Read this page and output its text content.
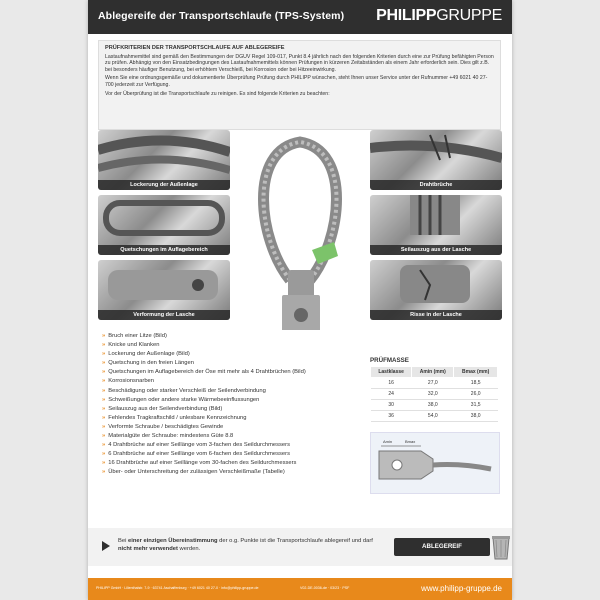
Ablegereife der Transportschlaufe (TPS-System) PHILIPPGRUPPE
PRÜFKRITERIEN DER TRANSPORTSCHLAUFE AUF ABLEGEREIFE

Lastaufnahmemittel sind gemäß den Bestimmungen der DGUV Regel 109-017, Punkt 8.4 jährlich nach den folgenden Kriterien durch eine zur Prüfung befähigten Person zu prüfen. Abhängig von den Einsatzbedingungen des Lastaufnahmemittels können Prüfungen in kürzeren Zeitabständen als einem Jahr erforderlich sein. Dies gilt z.B. bei besonders häufiger Benutzung, bei erhöhtem Verschleiß, bei Korrosion oder bei Hitzeeinwirkung.

Wenn Sie eine ordnungsgemäße und dokumentierte Überprüfung Prüfung durch PHILIPP wünschen, steht Ihnen unser Service unter der Rufnummer +49 6021 40 27-700 jederzeit zur Verfügung.

Vor der Überprüfung ist die Transportschlaufe zu reinigen. Es sind folgende Kriterien zu beachten:

Lockerung der Außenlage
Quetschungen im Auflagebereich
Verformung der Lasche
Drahtbrüche
Seilauszug aus der Lasche
Risse in der Lasche
» Bruch einer Litze (Bild)
» Knicke und Klanken
» Lockerung der Außenlage (Bild)
» Quetschung in den freien Längen
» Quetschungen im Auflagebereich der Öse mit mehr als 4 Drahtbrüchen (Bild)
» Korrosionsnarben
» Beschädigung oder starker Verschleiß der Seilendverbindung
» Schweißungen oder andere starke Wärmebeeinflussungen
» Seilauszug aus der Seilendverbindung (Bild)
» Fehlendes Tragkraftschild / unlesbare Kennzeichnung
» Verformte Schraube / beschädigtes Gewinde
» Materialgüte der Schraube: mindestens Güte 8.8
» 4 Drahtbrüche auf einer Seillänge vom 3-fachen des Seildurchmessers
» 6 Drahtbrüche auf einer Seillänge vom 6-fachen des Seildurchmessers
» 16 Drahtbrüche auf einer Seillänge vom 30-fachen des Seildurchmessers
» Über- oder Unterschreitung der zulässigen Verschleißmaße (Tabelle)
PRÜFMASSE
Lastklasse	Amin (mm)	Bmax (mm)
16	27,0	18,5
24	32,0	26,0
30	38,0	31,5
36	54,0	38,0
Amin	Bmax
Bei einer einzigen Übereinstimmung der o.g. Punkte ist die Transportschlaufe ablegereif und darf nicht mehr verwendet werden.	ABLEGEREIF
PHILIPP GmbH · Lilienthalstr. 7-9 · 63741 Aschaffenburg · +49 6021 40 27-0 · info@philipp-gruppe.de	V02-DE-0036-de · 03/23 · PSF	www.philipp-gruppe.de
